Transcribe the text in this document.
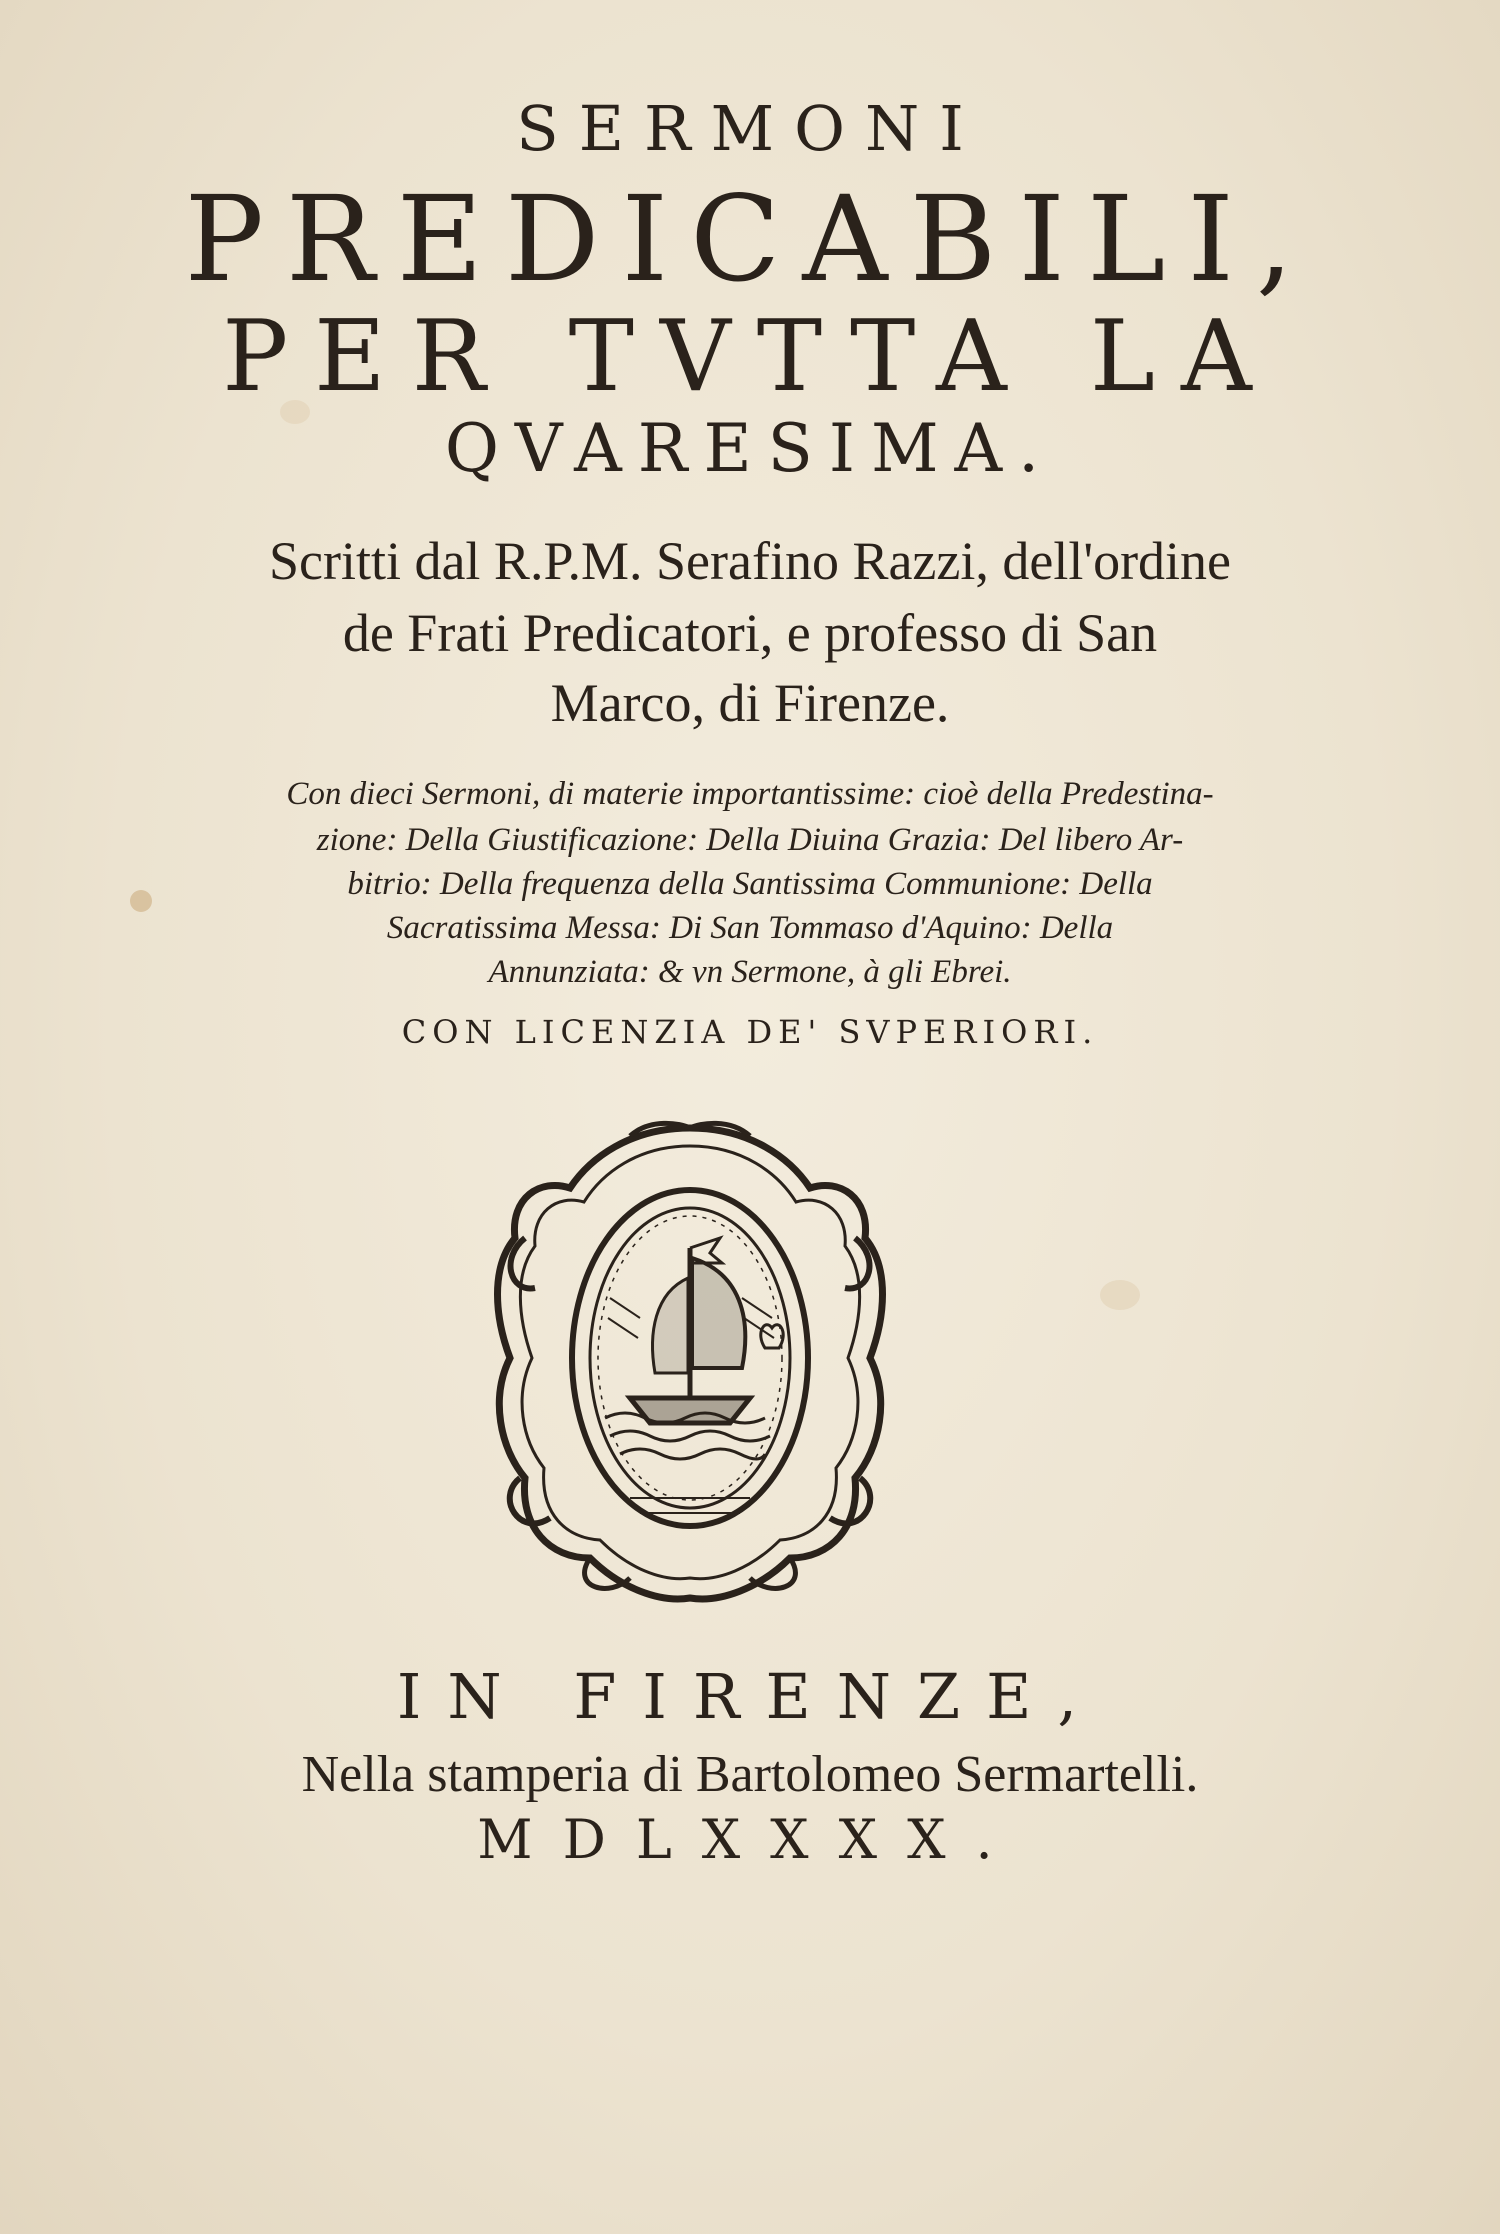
SERMONI
PREDICABILI,
PER TVTTA LA
QVARESIMA.
Scritti dal R.P.M. Serafino Razzi, dell'ordine
de Frati Predicatori, e professo di San
Marco, di Firenze.
Con dieci Sermoni, di materie importantissime: cioè della Predestina-
zione: Della Giustificazione: Della Diuina Grazia: Del libero Ar-
bitrio: Della frequenza della Santissima Communione: Della
Sacratissima Messa: Di San Tommaso d'Aquino: Della
Annunziata: & vn Sermone, à gli Ebrei.
CON LICENZIA DE' SVPERIORI.
IN FIRENZE,
Nella stamperia di Bartolomeo Sermartelli.
MDLXXXX.
